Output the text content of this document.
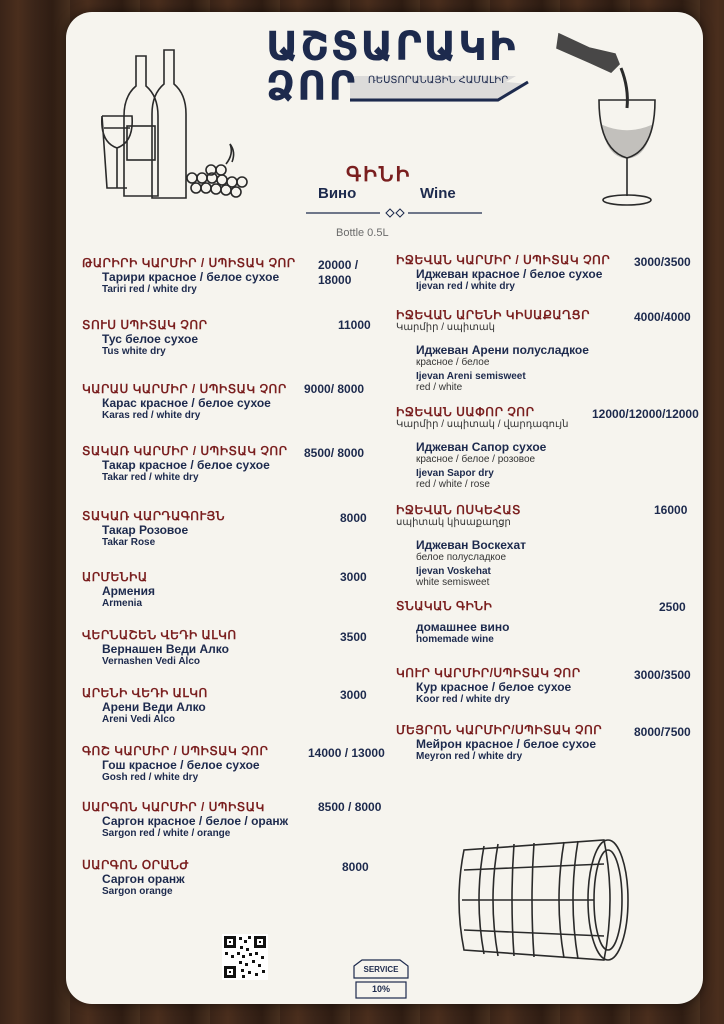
ԱՇՏԱՐԱԿԻ
ՁՈՐ	ՌԵՍՏՈՐԱՆԱՅԻՆ ՀԱՄԱԼԻՐ
ԳԻՆԻ
Вино	Wine
Bottle 0.5L
ԹԱՐԻՐԻ ԿԱՐՄԻՐ / ՍՊԻՏԱԿ ՉՈՐ
Тарири красное / белое сухое
Tariri red / white dry
20000 /
18000
ՏՈՒՍ ՍՊԻՏԱԿ ՉՈՐ
Тус белое сухое
Tus white dry
11000
ԿԱՐԱՍ ԿԱՐՄԻՐ / ՍՊԻՏԱԿ ՉՈՐ
Карас красное / белое сухое
Karas red / white dry
9000/ 8000
ՏԱԿԱՌ ԿԱՐՄԻՐ / ՍՊԻՏԱԿ ՉՈՐ
Такар красное / белое сухое
Takar red / white dry
8500/ 8000
ՏԱԿԱՌ ՎԱՐԴԱԳՈՒՅՆ
Такар Розовое
Takar Rose
8000
ԱՐՄԵՆԻԱ
Армения
Armenia
3000
ՎԵՐՆԱՇԵՆ ՎԵԴԻ ԱԼԿՈ
Вернашен Веди Алко
Vernashen Vedi Alco
3500
ԱՐԵՆԻ ՎԵԴԻ ԱԼԿՈ
Арени Веди Алко
Areni Vedi Alco
3000
ԳՈՇ ԿԱՐՄԻՐ / ՍՊԻՏԱԿ ՉՈՐ
Гош красное / белое сухое
Gosh red / white dry
14000 / 13000
ՍԱՐԳՈՆ ԿԱՐՄԻՐ / ՍՊԻՏԱԿ
Саргон красное / белое / оранж
Sargon red / white / orange
8500 / 8000
ՍԱՐԳՈՆ ՕՐԱՆԺ
Саргон оранж
Sargon orange
8000
ԻՋԵՎԱՆ ԿԱՐՄԻՐ / ՍՊԻՏԱԿ ՉՈՐ
Иджеван красное / белое сухое
Ijevan red / white dry
3000/3500
ԻՋԵՎԱՆ ԱՐԵՆԻ ԿԻՍԱՔԱՂՑՐ
Կարմիր / սպիտակ
Иджеван Арени полусладкое
красное / белое
Ijevan Areni semisweet
red / white
4000/4000
ԻՋԵՎԱՆ ՍԱՓՈՐ ՉՈՐ
Կարմիր / սպիտակ / վարդագույն
Иджеван Сапор сухое
красное / белое / розовое
Ijevan Sapor dry
red / white / rose
12000/12000/12000
ԻՋԵՎԱՆ ՈՍԿԵՀԱՏ
սպիտակ կիսաքաղցր
Иджеван Воскехат
белое полусладкое
Ijevan Voskehat
white semisweet
16000
ՏՆԱԿԱՆ ԳԻՆԻ
домашнее вино
homemade wine
2500
ԿՈՒՐ ԿԱՐՄԻՐ/ՍՊԻՏԱԿ ՉՈՐ
Кур красное / белое сухое
Koor red / white dry
3000/3500
ՄԵՅՐՈՆ ԿԱՐՄԻՐ/ՍՊԻՏԱԿ ՉՈՐ
Мейрон красное / белое сухое
Meyron red / white dry
8000/7500
SERVICE
10%
